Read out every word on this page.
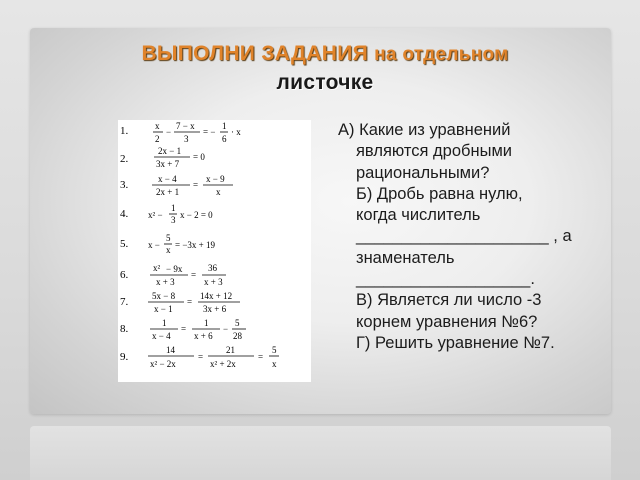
ВЫПОЛНИ ЗАДАНИЯ на отдельном
листочке
1.	x
2
−
7 − x
3
= −
1
6
· x
2.
2x − 1
3x + 7
= 0
3.	x − 4
2x + 1
=
x − 9
x
4. x² −
1
3 x − 2 = 0
5. x −
5
x = −3x + 19
6.
x² − 9x
x + 3
=
36
x + 3
7.	5x − 8
x − 1
=
14x + 12
3x + 6
8.	1
x − 4
=
1
x + 6
−
5
28
9.
14
x² − 2x
=
21
x² + 2x
=
5
x

А) Какие из уравнений

являются дробными

рациональными?

Б) Дробь равна нулю,

когда числитель

_____________________ , а

знаменатель

___________________.

В) Является ли число -3

корнем уравнения №6?

Г) Решить уравнение №7.
